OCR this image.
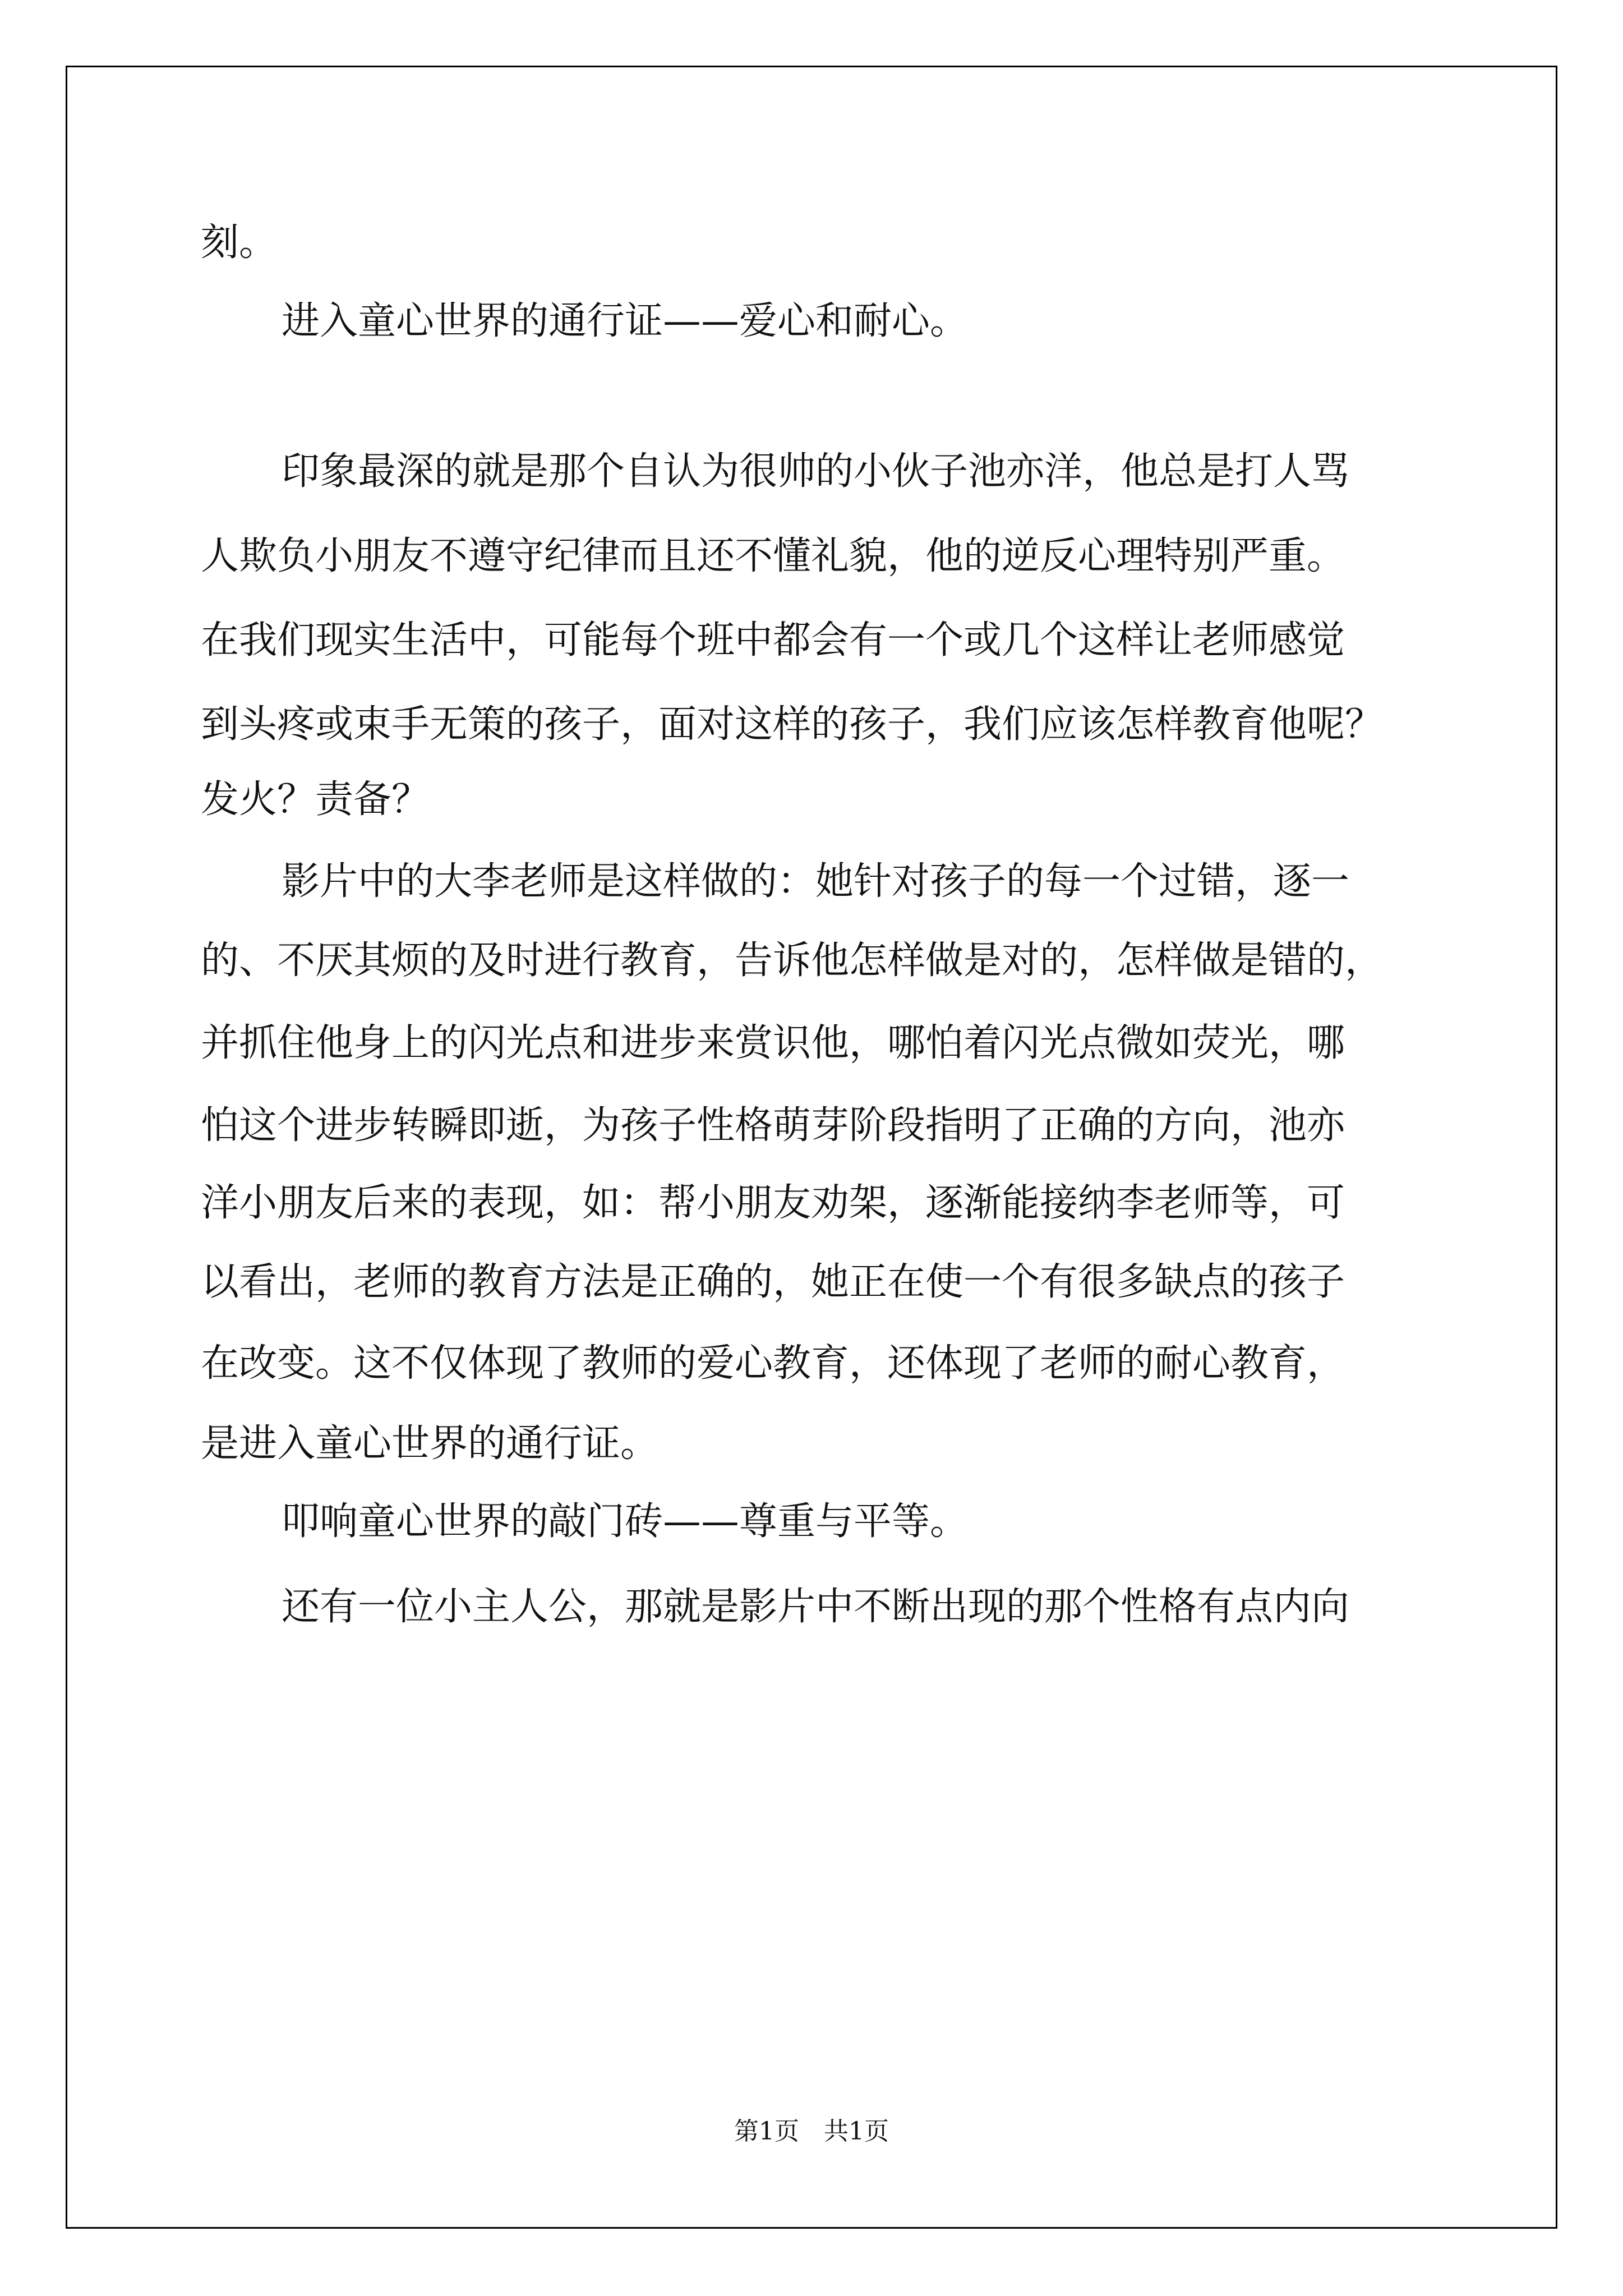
刻。
进入童心世界的通行证——爱心和耐心。
印象最深的就是那个自认为很帅的小伙子池亦洋，他总是打人骂
人欺负小朋友不遵守纪律而且还不懂礼貌，他的逆反心理特别严重。
在我们现实生活中，可能每个班中都会有一个或几个这样让老师感觉
到头疼或束手无策的孩子，面对这样的孩子，我们应该怎样教育他呢？
发火？责备？
影片中的大李老师是这样做的：她针对孩子的每一个过错，逐一
的、不厌其烦的及时进行教育，告诉他怎样做是对的，怎样做是错的，
并抓住他身上的闪光点和进步来赏识他，哪怕着闪光点微如荧光，哪
怕这个进步转瞬即逝，为孩子性格萌芽阶段指明了正确的方向，池亦
洋小朋友后来的表现，如：帮小朋友劝架，逐渐能接纳李老师等，可
以看出，老师的教育方法是正确的，她正在使一个有很多缺点的孩子
在改变。这不仅体现了教师的爱心教育，还体现了老师的耐心教育，
是进入童心世界的通行证。
叩响童心世界的敲门砖——尊重与平等。
还有一位小主人公，那就是影片中不断出现的那个性格有点内向
第1页　共1页
